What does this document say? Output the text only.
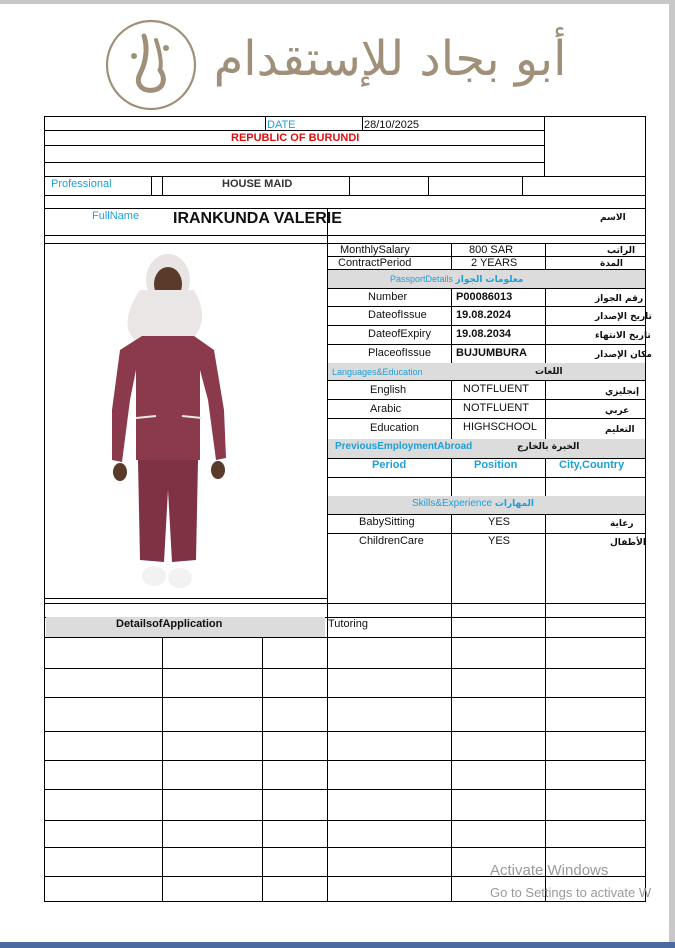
أبو بجاد للإستقدام
DATE	28/10/2025
REPUBLIC OF BURUNDI
Professional	HOUSE MAID
FullName IRANKUNDA VALERIE	الاسم
MonthlySalary	800 SAR	الراتب
ContractPeriod	2 YEARS	المدة
PassportDetails معلومات الجواز
Languages&Education	اللغات
PreviousEmploymentAbroad	الخبرة بالخارج
Period	Position	City,Country
Skills&Experience المهارات
DetailsofApplication
Activate Windows
Go to Settings to activate W
Number	P00086013	رقم الجواز
DateofIssue	19.08.2024	تاريخ الإصدار
DateofExpiry 19.08.2034	تاريخ الانتهاء
PlaceofIssue BUJUMBURA	مكان الإصدار
English	NOTFLUENT	إنجليزي
Arabic	NOTFLUENT	عربي
Education	HIGHSCHOOL	التعليم
BabySitting	YES	رعاية
ChildrenCare	YES	الأطفال
Tutoring
